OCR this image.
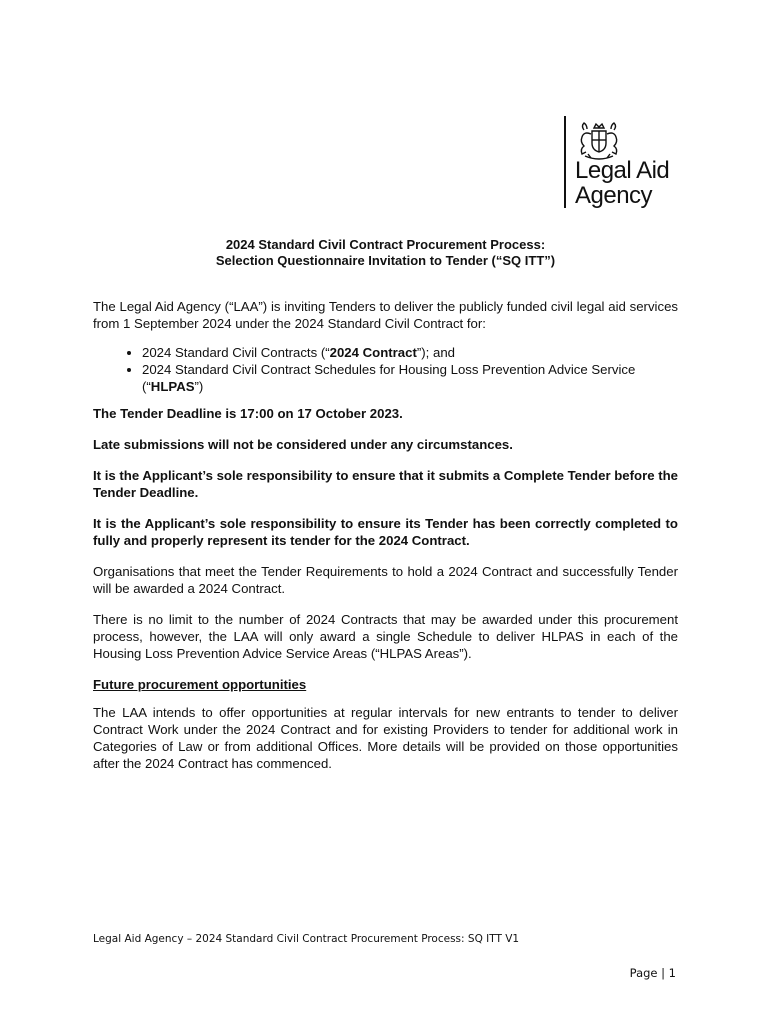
Legal Aid
Agency
2024 Standard Civil Contract Procurement Process:
Selection Questionnaire Invitation to Tender (“SQ ITT”)

The Legal Aid Agency (“LAA”) is inviting Tenders to deliver the publicly funded civil legal aid services from 1 September 2024 under the 2024 Standard Civil Contract for:

• 2024 Standard Civil Contracts (“2024 Contract”); and
• 2024 Standard Civil Contract Schedules for Housing Loss Prevention Advice Service (“HLPAS”)

The Tender Deadline is 17:00 on 17 October 2023.

Late submissions will not be considered under any circumstances.

It is the Applicant’s sole responsibility to ensure that it submits a Complete Tender before the Tender Deadline.

It is the Applicant’s sole responsibility to ensure its Tender has been correctly completed to fully and properly represent its tender for the 2024 Contract.

Organisations that meet the Tender Requirements to hold a 2024 Contract and successfully Tender will be awarded a 2024 Contract.

There is no limit to the number of 2024 Contracts that may be awarded under this procurement process, however, the LAA will only award a single Schedule to deliver HLPAS in each of the Housing Loss Prevention Advice Service Areas (“HLPAS Areas”).

Future procurement opportunities

The LAA intends to offer opportunities at regular intervals for new entrants to tender to deliver Contract Work under the 2024 Contract and for existing Providers to tender for additional work in Categories of Law or from additional Offices. More details will be provided on those opportunities after the 2024 Contract has commenced.

Legal Aid Agency – 2024 Standard Civil Contract Procurement Process: SQ ITT V1
Page | 1
